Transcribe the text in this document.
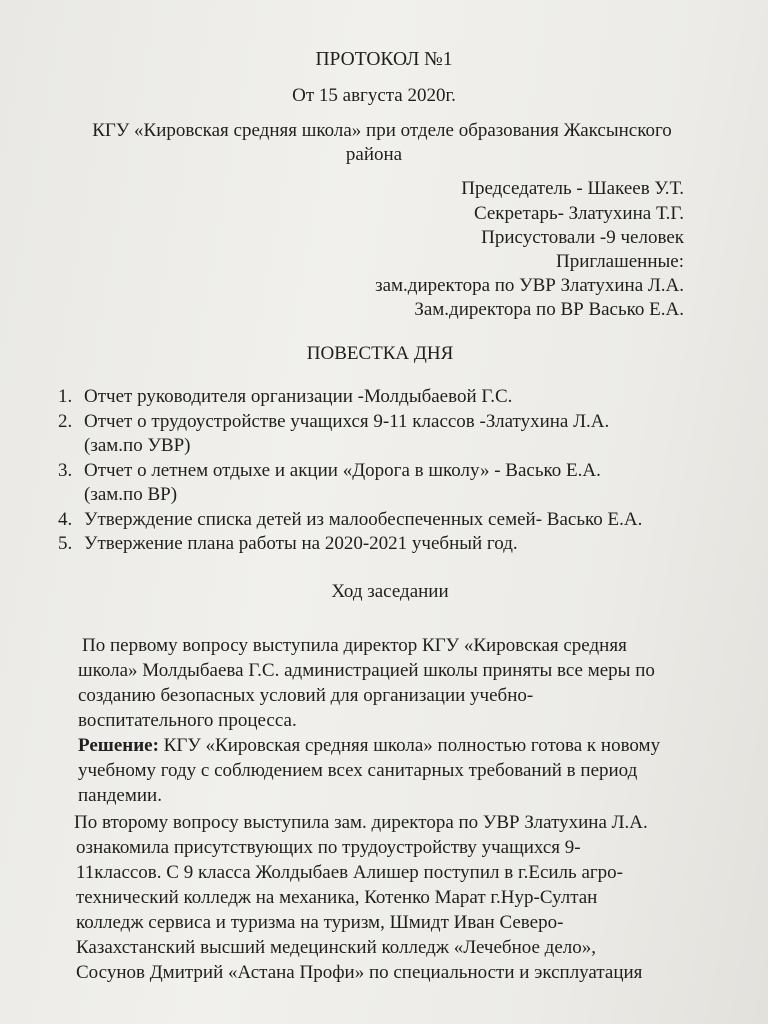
ПРОТОКОЛ №1
От 15 августа 2020г.
КГУ «Кировская средняя школа» при отделе образования Жаксынского
района
Председатель - Шакеев У.Т.
Секретарь- Златухина Т.Г.
Присустовали -9 человек
Приглашенные:
зам.директора по УВР Златухина Л.А.
Зам.директора по ВР Васько Е.А.
ПОВЕСТКА ДНЯ
1. Отчет руководителя организации -Молдыбаевой Г.С.
2. Отчет о трудоустройстве учащихся 9-11 классов -Златухина Л.А.
(зам.по УВР)
3. Отчет о летнем отдыхе и акции «Дорога в школу» - Васько Е.А.
(зам.по ВР)
4. Утверждение списка детей из малообеспеченных семей- Васько Е.А.
5. Утвержение плана работы на 2020-2021 учебный год.
Ход заседании
По первому вопросу выступила директор КГУ «Кировская средняя
школа» Молдыбаева Г.С. администрацией школы приняты все меры по
созданию безопасных условий для организации учебно-
воспитательного процесса.
Решение: КГУ «Кировская средняя школа» полностью готова к новому
учебному году с соблюдением всех санитарных требований в период
пандемии.
По второму вопросу выступила зам. директора по УВР Златухина Л.А.
ознакомила присутствующих по трудоустройству учащихся 9-
11классов. С 9 класса Жолдыбаев Алишер поступил в г.Есиль агро-
технический колледж на механика, Котенко Марат г.Нур-Султан
колледж сервиса и туризма на туризм, Шмидт Иван Северо-
Казахстанский высший медецинский колледж «Лечебное дело»,
Сосунов Дмитрий «Астана Профи» по специальности и эксплуатация
